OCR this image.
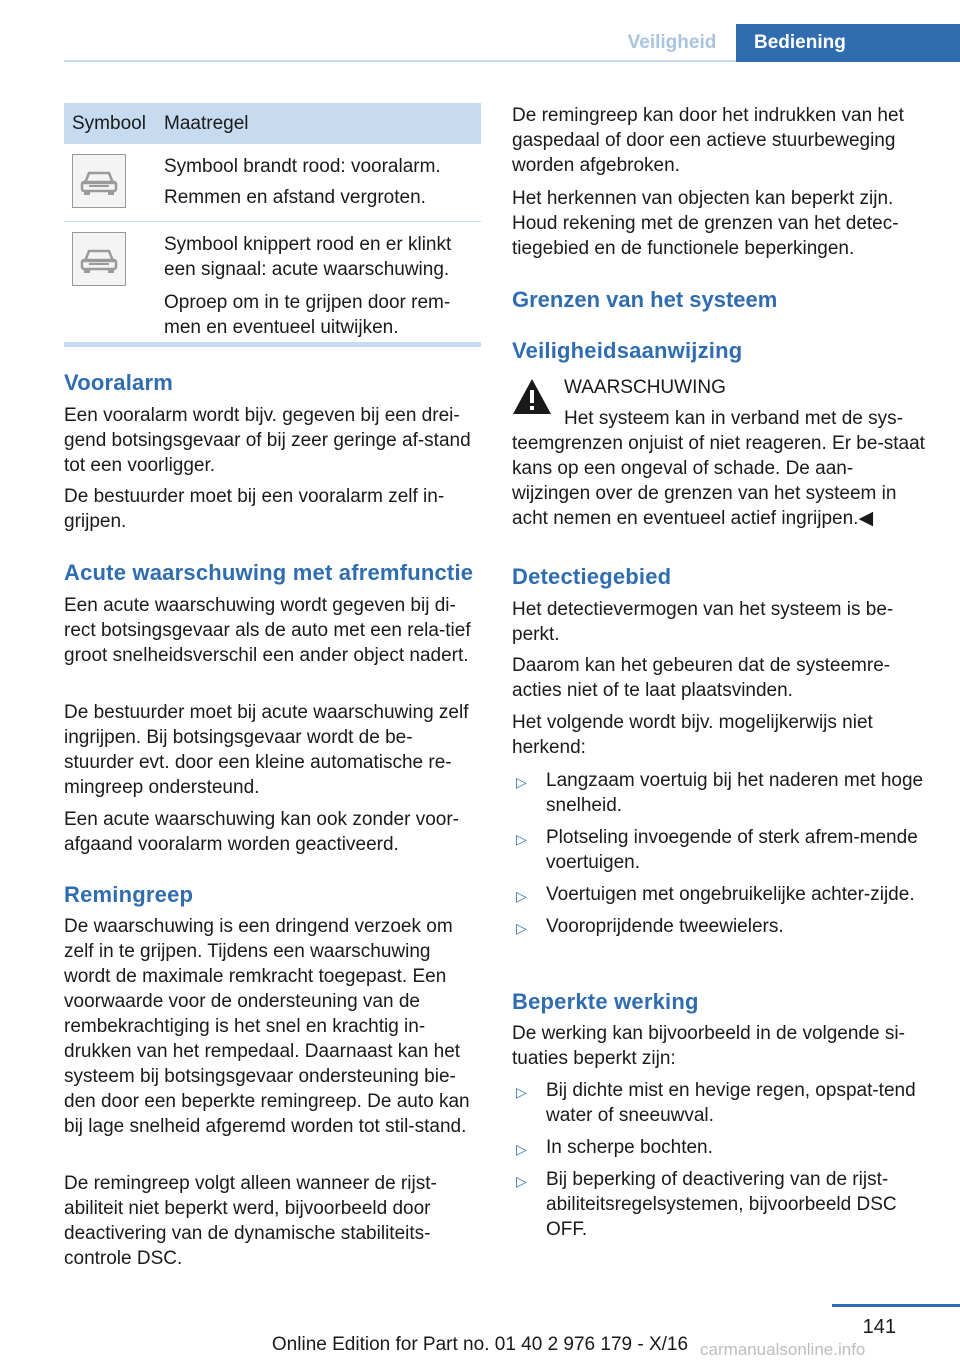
Veiligheid	Bediening
Symbool Maatregel

Symbool brandt rood: vooralarm.

Remmen en afstand vergroten.

Symbool knippert rood en er klinkt een signaal: acute waarschuwing.

Oproep om in te grijpen door rem-men en eventueel uitwijken.

Vooralarm

Een vooralarm wordt bijv. gegeven bij een drei-gend botsingsgevaar of bij zeer geringe af-stand tot een voorligger.

De bestuurder moet bij een vooralarm zelf in-grijpen.

Acute waarschuwing met afremfunctie

Een acute waarschuwing wordt gegeven bij di-rect botsingsgevaar als de auto met een rela-tief groot snelheidsverschil een ander object nadert.

De bestuurder moet bij acute waarschuwing zelf ingrijpen. Bij botsingsgevaar wordt de be-stuurder evt. door een kleine automatische re-mingreep ondersteund.

Een acute waarschuwing kan ook zonder voor-afgaand vooralarm worden geactiveerd.

Remingreep

De waarschuwing is een dringend verzoek om zelf in te grijpen. Tijdens een waarschuwing wordt de maximale remkracht toegepast. Een voorwaarde voor de ondersteuning van de rembekrachtiging is het snel en krachtig in-drukken van het rempedaal. Daarnaast kan het systeem bij botsingsgevaar ondersteuning bie-den door een beperkte remingreep. De auto kan bij lage snelheid afgeremd worden tot stil-stand.

De remingreep volgt alleen wanneer de rijst-abiliteit niet beperkt werd, bijvoorbeeld door deactivering van de dynamische stabiliteits-controle DSC.

De remingreep kan door het indrukken van het gaspedaal of door een actieve stuurbeweging worden afgebroken.

Het herkennen van objecten kan beperkt zijn. Houd rekening met de grenzen van het detec-tiegebied en de functionele beperkingen.

Grenzen van het systeem
Veiligheidsaanwijzing

WAARSCHUWING

Het systeem kan in verband met de sys-

teemgrenzen onjuist of niet reageren. Er be-staat kans op een ongeval of schade. De aan-wijzingen over de grenzen van het systeem in acht nemen en eventueel actief ingrijpen.◀

Detectiegebied

Het detectievermogen van het systeem is be-perkt.

Daarom kan het gebeuren dat de systeemre-acties niet of te laat plaatsvinden.

Het volgende wordt bijv. mogelijkerwijs niet herkend:

▷ Langzaam voertuig bij het naderen met hoge snelheid.
▷ Plotseling invoegende of sterk afrem-mende voertuigen.
▷ Voertuigen met ongebruikelijke achter-zijde.
▷ Vooroprijdende tweewielers.
Beperkte werking

De werking kan bijvoorbeeld in de volgende si-tuaties beperkt zijn:

▷ Bij dichte mist en hevige regen, opspat-tend water of sneeuwval.
▷ In scherpe bochten.
▷ Bij beperking of deactivering van de rijst-abiliteitsregelsystemen, bijvoorbeeld DSC OFF.
141
Online Edition for Part no. 01 40 2 976 179 - X/16 carmanualsonline.info
